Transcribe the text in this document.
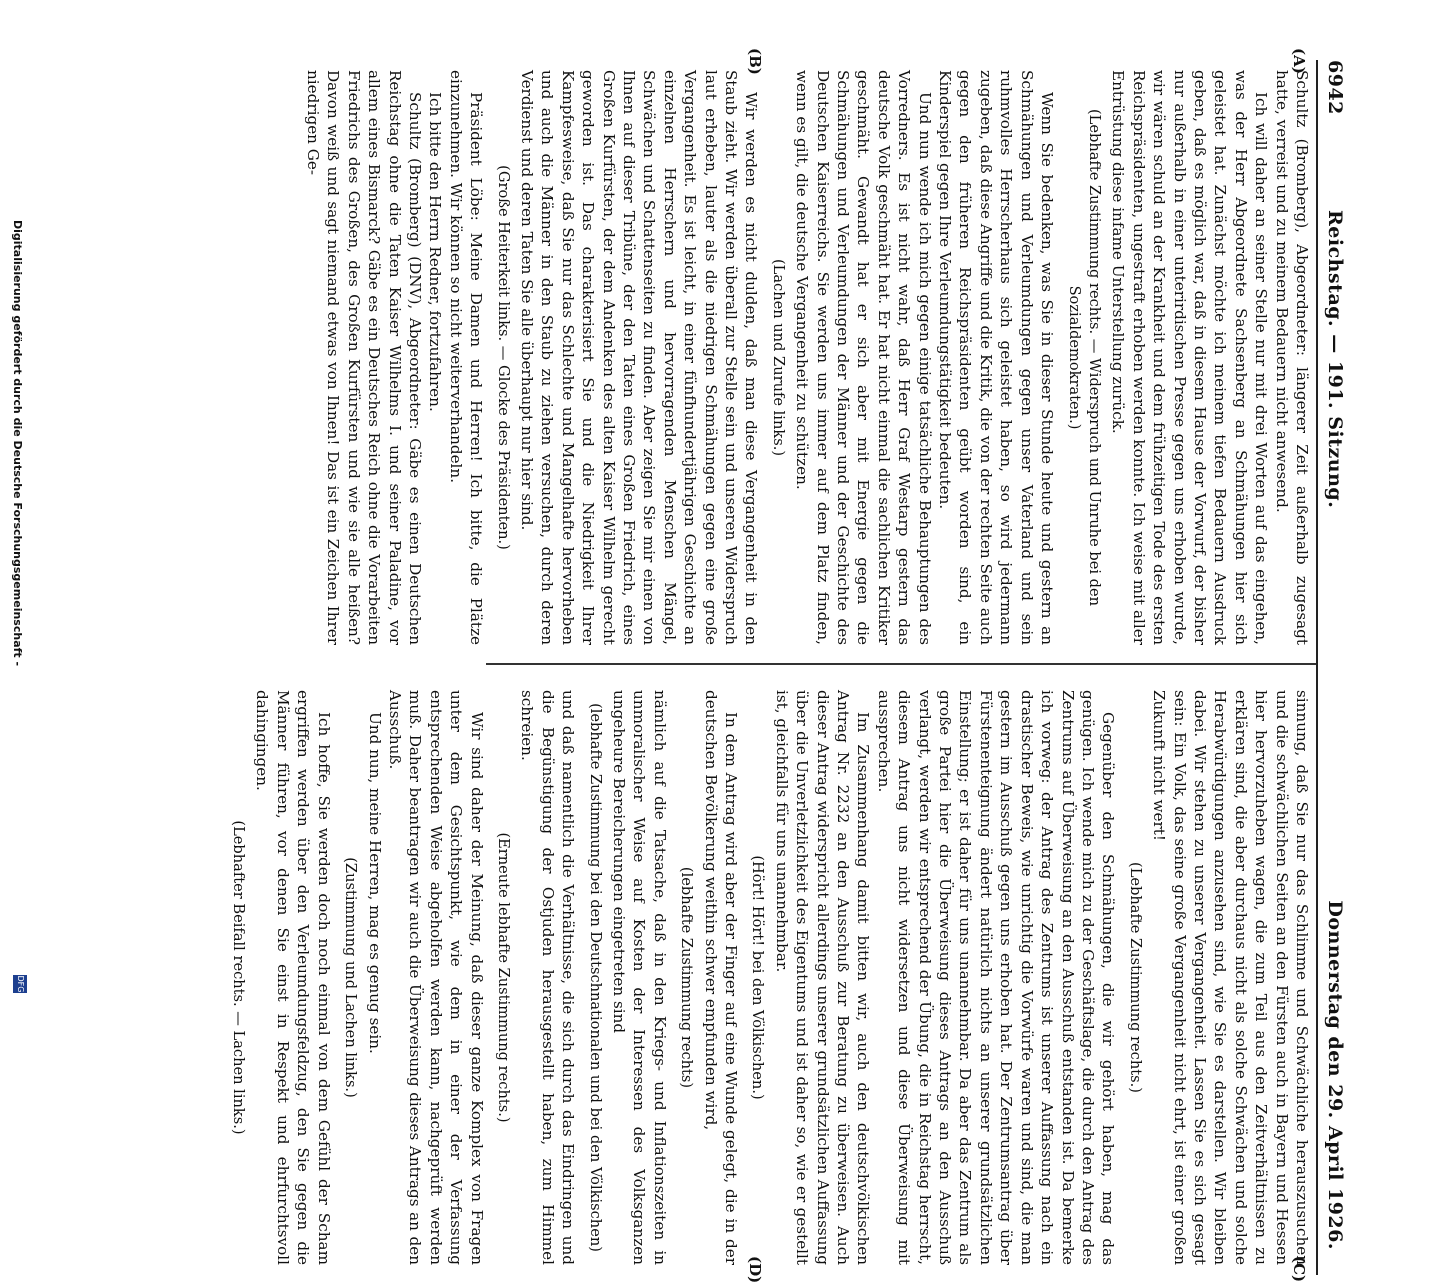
6942
Reichstag. — 191. Sitzung.
Donnerstag den 29. April 1926.
(A)
(B)
(C)
(D)

Schultz (Bromberg), Abgeordneter: längerer Zeit außerhalb zugesagt hatte, verreist und zu meinem Bedauern nicht anwesend.

Ich will daher an seiner Stelle nur mit drei Worten auf das eingehen, was der Herr Abgeordnete Sachsenberg an Schmähungen hier sich geleistet hat. Zunächst möchte ich meinem tiefen Bedauern Ausdruck geben, daß es möglich war, daß in diesem Hause der Vorwurf, der bisher nur außerhalb in einer unterirdischen Presse gegen uns erhoben wurde, wir wären schuld an der Krankheit und dem frühzeitigen Tode des ersten Reichspräsidenten, ungestraft erhoben werden konnte. Ich weise mit aller Entrüstung diese infame Unterstellung zurück.

(Lebhafte Zustimmung rechts. — Widerspruch und Unruhe bei den Sozialdemokraten.)

Wenn Sie bedenken, was Sie in dieser Stunde heute und gestern an Schmähungen und Verleumdungen gegen unser Vaterland und sein ruhmvolles Herrscherhaus sich geleistet haben, so wird jedermann zugeben, daß diese Angriffe und die Kritik, die von der rechten Seite auch gegen den früheren Reichspräsidenten geübt worden sind, ein Kinderspiel gegen Ihre Verleumdungstätigkeit bedeuten.

Und nun wende ich mich gegen einige tatsächliche Behauptungen des Vorredners. Es ist nicht wahr, daß Herr Graf Westarp gestern das deutsche Volk geschmäht hat. Er hat nicht einmal die sachlichen Kritiker geschmäht. Gewandt hat er sich aber mit Energie gegen die Schmähungen und Verleumdungen der Männer und der Geschichte des Deutschen Kaiserreichs. Sie werden uns immer auf dem Platz finden, wenn es gilt, die deutsche Vergangenheit zu schützen.

(Lachen und Zurufe links.)

Wir werden es nicht dulden, daß man diese Vergangenheit in den Staub zieht. Wir werden überall zur Stelle sein und unseren Widerspruch laut erheben, lauter als die niedrigen Schmähungen gegen eine große Vergangenheit. Es ist leicht, in einer fünfhundertjährigen Geschichte an einzelnen Herrschern und hervorragenden Menschen Mängel, Schwächen und Schattenseiten zu finden. Aber zeigen Sie mir einen von Ihnen auf dieser Tribüne, der den Taten eines Großen Friedrich, eines Großen Kurfürsten, der dem Andenken des alten Kaiser Wilhelm gerecht geworden ist. Das charakterisiert Sie und die Niedrigkeit Ihrer Kampfesweise, daß Sie nur das Schlechte und Mangelhafte hervorheben und auch die Männer in den Staub zu ziehen versuchen, durch deren Verdienst und deren Taten Sie alle überhaupt nur hier sind.

(Große Heiterkeit links. — Glocke des Präsidenten.)

Präsident Löbe: Meine Damen und Herren! Ich bitte, die Plätze einzunehmen. Wir können so nicht weiterverhandeln.

Ich bitte den Herrn Redner, fortzufahren.

Schultz (Bromberg) (DNV), Abgeordneter: Gäbe es einen Deutschen Reichstag ohne die Taten Kaiser Wilhelms I. und seiner Paladine, vor allem eines Bismarck? Gäbe es ein Deutsches Reich ohne die Vorarbeiten Friedrichs des Großen, des Großen Kurfürsten und wie sie alle heißen? Davon weiß und sagt niemand etwas von Ihnen! Das ist ein Zeichen Ihrer niedrigen Ge-

sinnung, daß Sie nur das Schlimme und Schwächliche herauszusuchen und die schwächlichen Seiten an den Fürsten auch in Bayern und Hessen hier hervorzuheben wagen, die zum Teil aus den Zeitverhältnissen zu erklären sind, die aber durchaus nicht als solche Schwächen und solche Herabwürdigungen anzusehen sind, wie Sie es darstellen. Wir bleiben dabei. Wir stehen zu unserer Vergangenheit. Lassen Sie es sich gesagt sein: Ein Volk, das seine große Vergangenheit nicht ehrt, ist einer großen Zukunft nicht wert!

(Lebhafte Zustimmung rechts.)

Gegenüber den Schmähungen, die wir gehört haben, mag das genügen. Ich wende mich zu der Geschäftslage, die durch den Antrag des Zentrums auf Überweisung an den Ausschuß entstanden ist. Da bemerke ich vorweg: der Antrag des Zentrums ist unserer Auffassung nach ein drastischer Beweis, wie unrichtig die Vorwürfe waren und sind, die man gestern im Ausschuß gegen uns erhoben hat. Der Zentrumsantrag über Fürstenenteignung ändert natürlich nichts an unserer grundsätzlichen Einstellung; er ist daher für uns unannehmbar. Da aber das Zentrum als große Partei hier die Überweisung dieses Antrags an den Ausschuß verlangt, werden wir entsprechend der Übung, die in Reichstag herrscht, diesem Antrag uns nicht widersetzen und diese Überweisung mit aussprechen.

Im Zusammenhang damit bitten wir, auch den deutschvölkischen Antrag Nr. 2232 an den Ausschuß zur Beratung zu überweisen. Auch dieser Antrag widerspricht allerdings unserer grundsätzlichen Auffassung über die Unverletzlichkeit des Eigentums und ist daher so, wie er gestellt ist, gleichfalls für uns unannehmbar.

(Hört! Hört! bei den Völkischen.)

In dem Antrag wird aber der Finger auf eine Wunde gelegt, die in der deutschen Bevölkerung weithin schwer empfunden wird,

(lebhafte Zustimmung rechts)

nämlich auf die Tatsache, daß in den Kriegs- und Inflationszeiten in unmoralischer Weise auf Kosten der Interessen des Volksganzen ungeheure Bereicherungen eingetreten sind

(lebhafte Zustimmung bei den Deutschnationalen und bei den Völkischen)

und daß namentlich die Verhältnisse, die sich durch das Eindringen und die Begünstigung der Ostjuden herausgestellt haben, zum Himmel schreien.

(Erneute lebhafte Zustimmung rechts.)

Wir sind daher der Meinung, daß dieser ganze Komplex von Fragen unter dem Gesichtspunkt, wie dem in einer der Verfassung entsprechenden Weise abgeholfen werden kann, nachgeprüft werden muß. Daher beantragen wir auch die Überweisung dieses Antrags an den Ausschuß.

Und nun, meine Herren, mag es genug sein.

(Zustimmung und Lachen links.)

Ich hoffe, Sie werden doch noch einmal von dem Gefühl der Scham ergriffen werden über den Verleumdungsfeldzug, den Sie gegen die Männer führen, vor denen Sie einst in Respekt und ehrfurchtsvoll dahingingen.

(Lebhafter Beifall rechts. — Lachen links.)

Digitalisierung gefördert durch die Deutsche Forschungsgemeinschaft -
DFG
